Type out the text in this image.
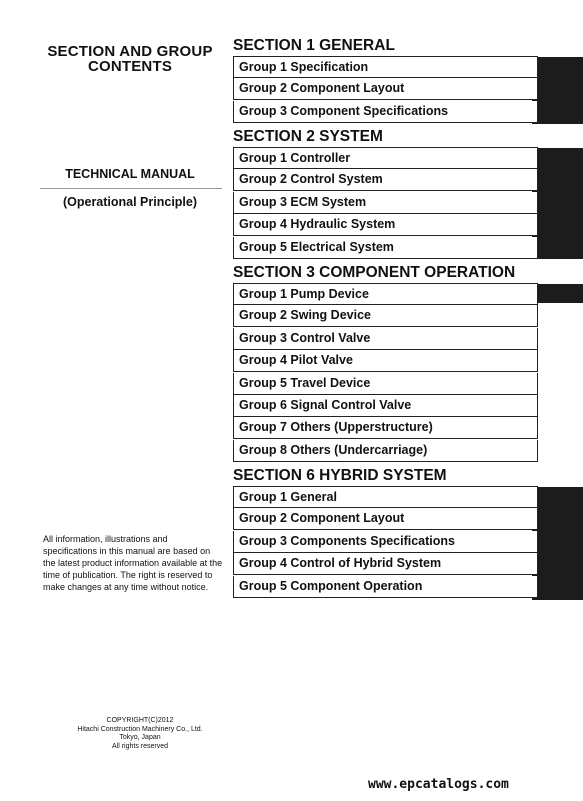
SECTION AND GROUP
CONTENTS
TECHNICAL MANUAL
(Operational Principle)

All information, illustrations and specifications in this manual are based on the latest product information available at the time of publication. The right is reserved to make changes at any time without notice.

COPYRIGHT(C)2012
Hitachi Construction Machinery Co., Ltd.
Tokyo, Japan
All rights reserved
www.epcatalogs.com
SECTION 1 GENERAL
Group 1 Specification
Group 2 Component Layout
Group 3 Component Specifications
SECTION 2 SYSTEM
Group 1 Controller
Group 2 Control System
Group 3 ECM System
Group 4 Hydraulic System
Group 5 Electrical System
SECTION 3 COMPONENT OPERATION
Group 1 Pump Device
Group 2 Swing Device
Group 3 Control Valve
Group 4 Pilot Valve
Group 5 Travel Device
Group 6 Signal Control Valve
Group 7 Others (Upperstructure)
Group 8 Others (Undercarriage)
SECTION 6 HYBRID SYSTEM
Group 1 General
Group 2 Component Layout
Group 3 Components Specifications
Group 4 Control of Hybrid System
Group 5 Component Operation
